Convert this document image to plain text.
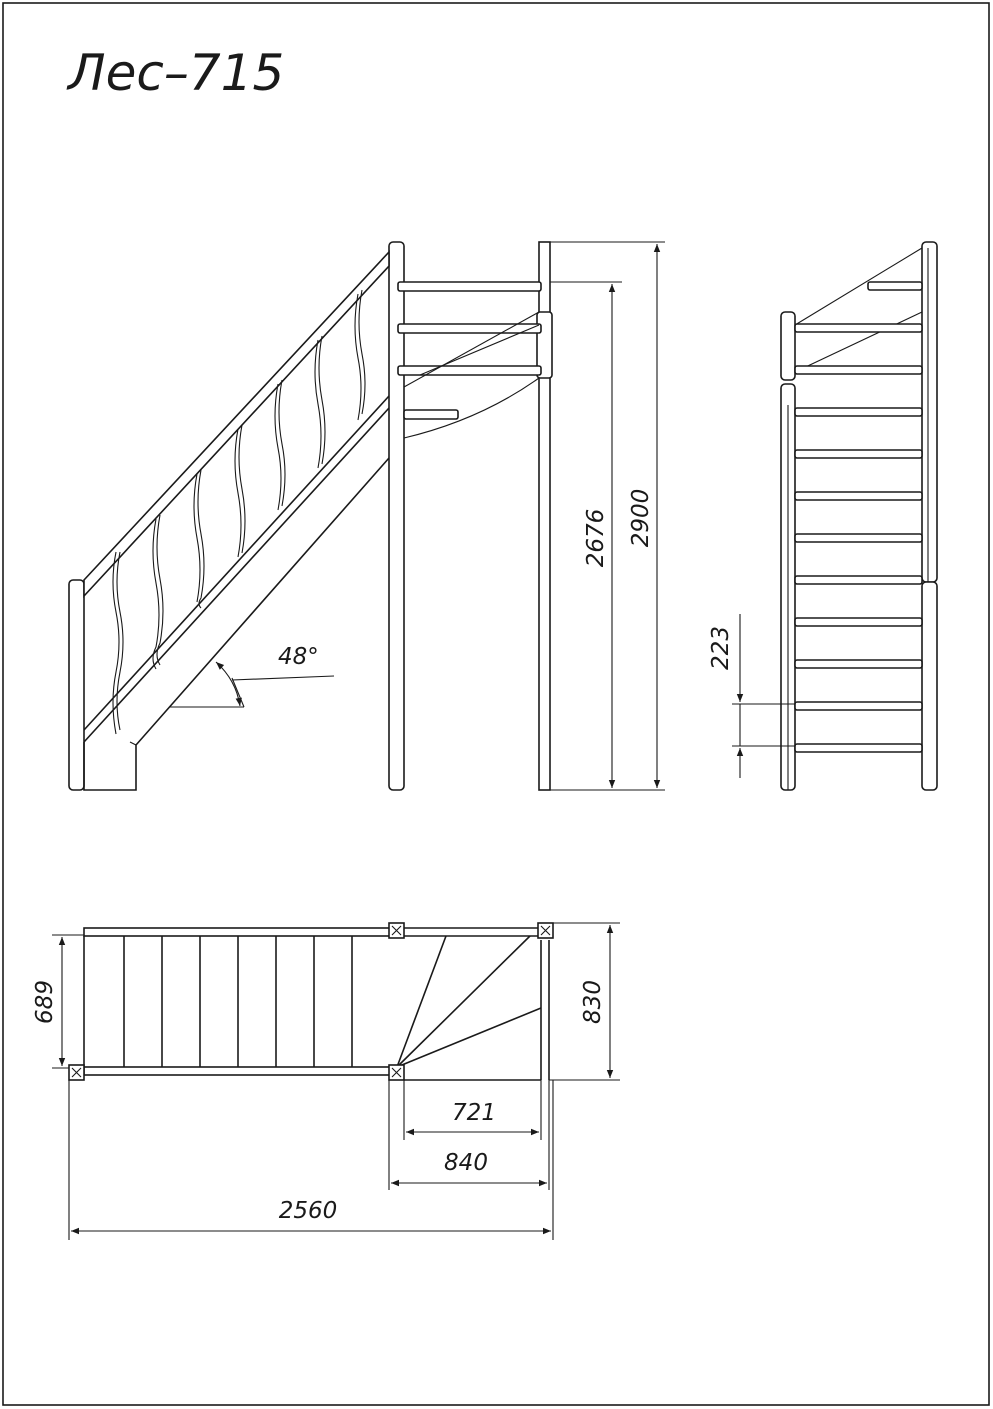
Лес–715
48°
2900
2676
223
689	830
721
840
2560
